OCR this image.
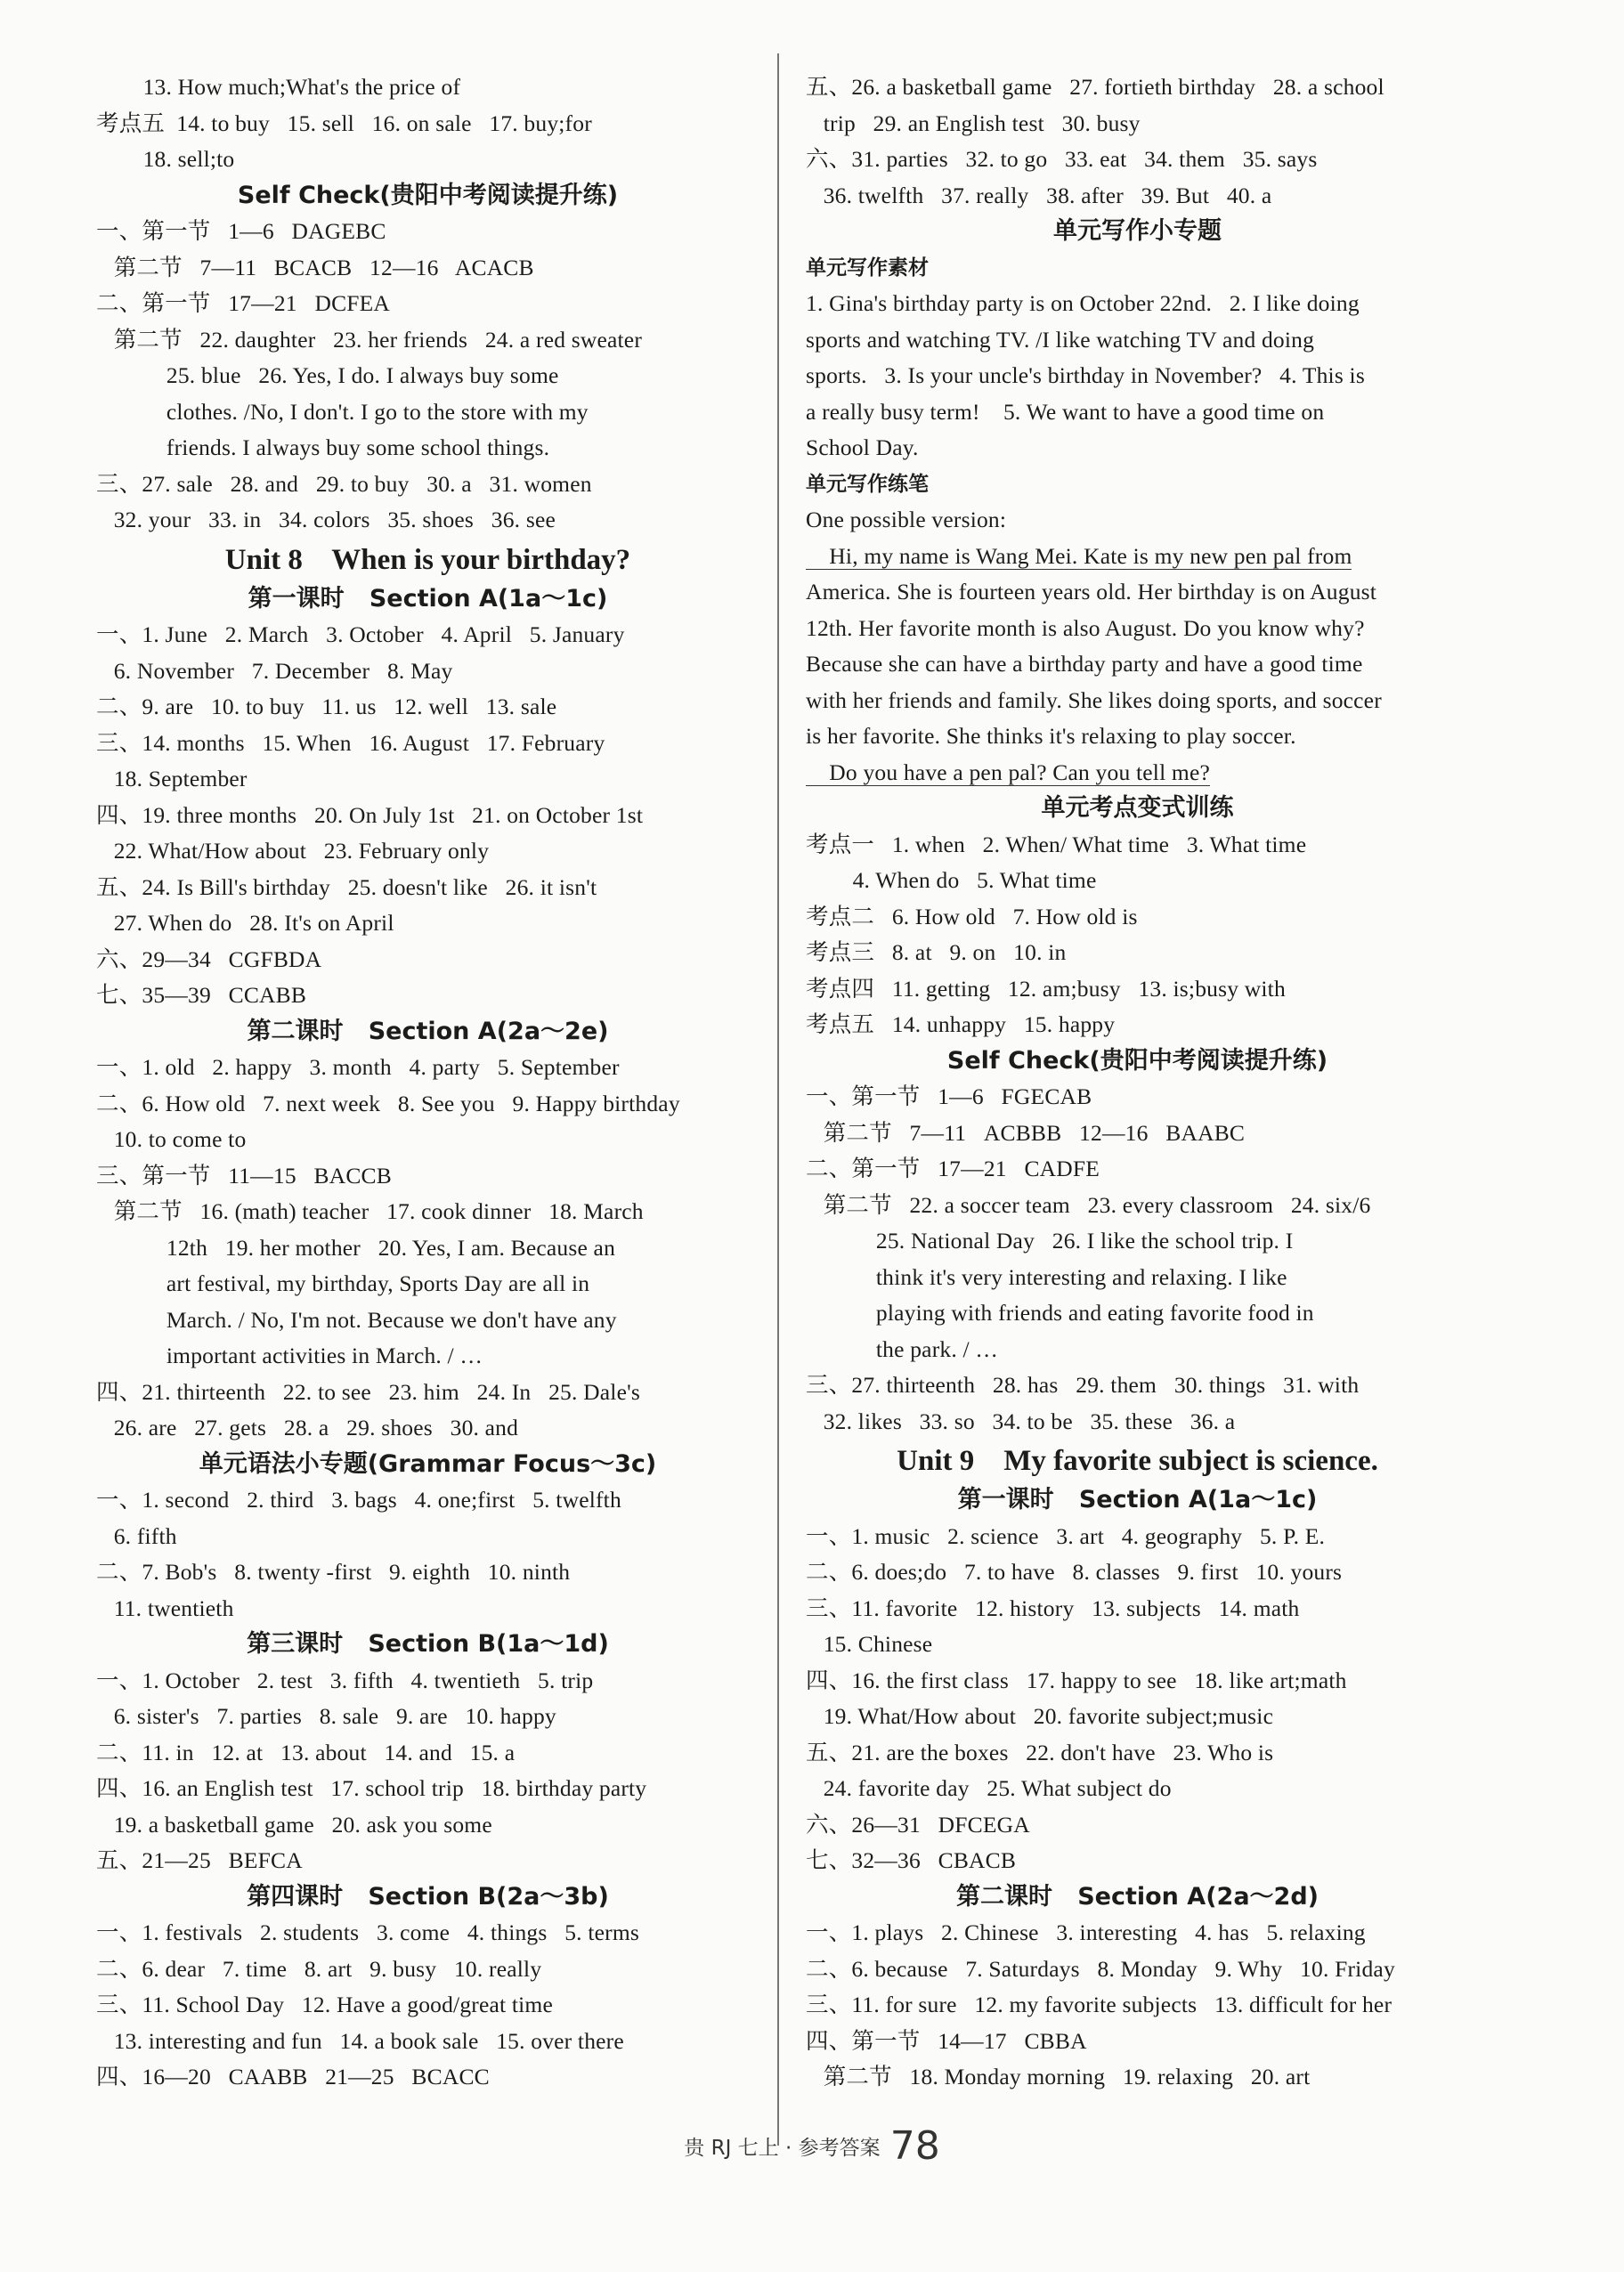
13. How much;What's the price of
考点五  14. to buy   15. sell   16. on sale   17. buy;for
18. sell;to
Self Check(贵阳中考阅读提升练)
一、第一节   1—6   DAGEBC
第二节   7—11   BCACB   12—16   ACACB
二、第一节   17—21   DCFEA
第二节   22. daughter   23. her friends   24. a red sweater
25. blue   26. Yes, I do. I always buy some
clothes. /No, I don't. I go to the store with my
friends. I always buy some school things.
三、27. sale   28. and   29. to buy   30. a   31. women
32. your   33. in   34. colors   35. shoes   36. see
Unit 8    When is your birthday?
第一课时   Section A(1a～1c)
一、1. June   2. March   3. October   4. April   5. January
6. November   7. December   8. May
二、9. are   10. to buy   11. us   12. well   13. sale
三、14. months   15. When   16. August   17. February
18. September
四、19. three months   20. On July 1st   21. on October 1st
22. What/How about   23. February only
五、24. Is Bill's birthday   25. doesn't like   26. it isn't
27. When do   28. It's on April
六、29—34   CGFBDA
七、35—39   CCABB
第二课时   Section A(2a～2e)
一、1. old   2. happy   3. month   4. party   5. September
二、6. How old   7. next week   8. See you   9. Happy birthday
10. to come to
三、第一节   11—15   BACCB
第二节   16. (math) teacher   17. cook dinner   18. March
12th   19. her mother   20. Yes, I am. Because an
art festival, my birthday, Sports Day are all in
March. / No, I'm not. Because we don't have any
important activities in March. / …
四、21. thirteenth   22. to see   23. him   24. In   25. Dale's
26. are   27. gets   28. a   29. shoes   30. and
单元语法小专题(Grammar Focus～3c)
一、1. second   2. third   3. bags   4. one;first   5. twelfth
6. fifth
二、7. Bob's   8. twenty -first   9. eighth   10. ninth
11. twentieth
第三课时   Section B(1a～1d)
一、1. October   2. test   3. fifth   4. twentieth   5. trip
6. sister's   7. parties   8. sale   9. are   10. happy
二、11. in   12. at   13. about   14. and   15. a
四、16. an English test   17. school trip   18. birthday party
19. a basketball game   20. ask you some
五、21—25   BEFCA
第四课时   Section B(2a～3b)
一、1. festivals   2. students   3. come   4. things   5. terms
二、6. dear   7. time   8. art   9. busy   10. really
三、11. School Day   12. Have a good/great time
13. interesting and fun   14. a book sale   15. over there
四、16—20   CAABB   21—25   BCACC
五、26. a basketball game   27. fortieth birthday   28. a school
trip   29. an English test   30. busy
六、31. parties   32. to go   33. eat   34. them   35. says
36. twelfth   37. really   38. after   39. But   40. a
单元写作小专题
单元写作素材
1. Gina's birthday party is on October 22nd.   2. I like doing
sports and watching TV. /I like watching TV and doing
sports.   3. Is your uncle's birthday in November?   4. This is
a really busy term!    5. We want to have a good time on
School Day.
单元写作练笔
One possible version:
Hi, my name is Wang Mei. Kate is my new pen pal from
America. She is fourteen years old. Her birthday is on August
12th. Her favorite month is also August. Do you know why?
Because she can have a birthday party and have a good time
with her friends and family. She likes doing sports, and soccer
is her favorite. She thinks it's relaxing to play soccer.
Do you have a pen pal? Can you tell me?
单元考点变式训练
考点一   1. when   2. When/ What time   3. What time
4. When do   5. What time
考点二   6. How old   7. How old is
考点三   8. at   9. on   10. in
考点四   11. getting   12. am;busy   13. is;busy with
考点五   14. unhappy   15. happy
Self Check(贵阳中考阅读提升练)
一、第一节   1—6   FGECAB
第二节   7—11   ACBBB   12—16   BAABC
二、第一节   17—21   CADFE
第二节   22. a soccer team   23. every classroom   24. six/6
25. National Day   26. I like the school trip. I
think it's very interesting and relaxing. I like
playing with friends and eating favorite food in
the park. / …
三、27. thirteenth   28. has   29. them   30. things   31. with
32. likes   33. so   34. to be   35. these   36. a
Unit 9    My favorite subject is science.
第一课时   Section A(1a～1c)
一、1. music   2. science   3. art   4. geography   5. P. E.
二、6. does;do   7. to have   8. classes   9. first   10. yours
三、11. favorite   12. history   13. subjects   14. math
15. Chinese
四、16. the first class   17. happy to see   18. like art;math
19. What/How about   20. favorite subject;music
五、21. are the boxes   22. don't have   23. Who is
24. favorite day   25. What subject do
六、26—31   DFCEGA
七、32—36   CBACB
第二课时   Section A(2a～2d)
一、1. plays   2. Chinese   3. interesting   4. has   5. relaxing
二、6. because   7. Saturdays   8. Monday   9. Why   10. Friday
三、11. for sure   12. my favorite subjects   13. difficult for her
四、第一节   14—17   CBBA
第二节   18. Monday morning   19. relaxing   20. art
贵 RJ 七上 · 参考答案 78
